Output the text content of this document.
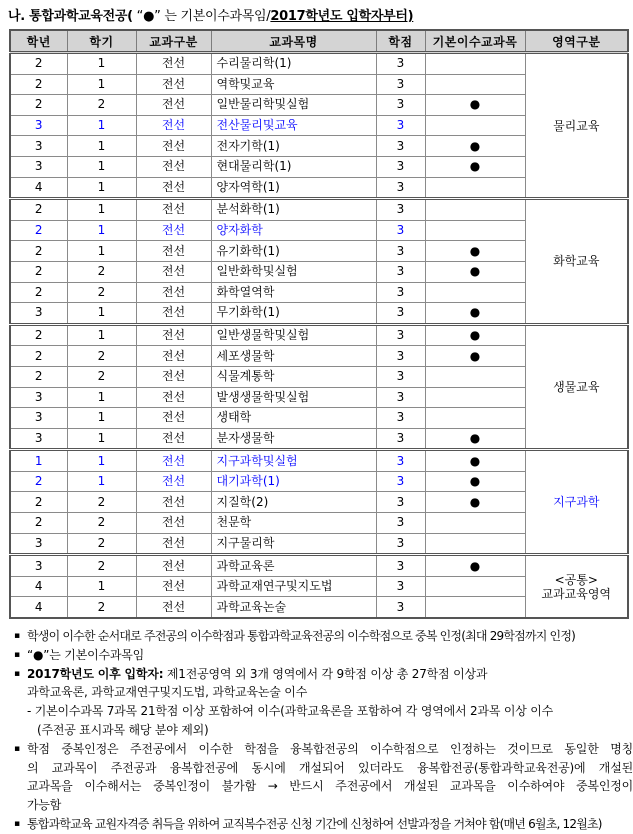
나. 통합과학교육전공( “●” 는 기본이수과목임/2017학년도 입학자부터)
학년	학기	교과구분	교과목명	학점	기본이수교과목	영역구분
2	1	전선	수리물리학(1)	3		물리교육

2	1	전선	역학및교육	3		
2	2	전선	일반물리학및실험	3	●	
3	1	전선	전산물리및교육	3		
3	1	전선	전자기학(1)	3	●	
3	1	전선	현대물리학(1)	3	●	
4	1	전선	양자역학(1)	3		
2	1	전선	분석화학(1)	3		화학교육

2	1	전선	양자화학	3		
2	1	전선	유기화학(1)	3	●	
2	2	전선	일반화학및실험	3	●	
2	2	전선	화학열역학	3		
3	1	전선	무기화학(1)	3	●	
2	1	전선	일반생물학및실험	3	●	생물교육

2	2	전선	세포생물학	3	●	
2	2	전선	식물계통학	3		
3	1	전선	발생생물학및실험	3		
3	1	전선	생태학	3		
3	1	전선	분자생물학	3	●	
1	1	전선	지구과학및실험	3	●	지구과학

2	1	전선	대기과학(1)	3	●	
2	2	전선	지질학(2)	3	●	
2	2	전선	천문학	3		
3	2	전선	지구물리학	3		
3	2	전선	과학교육론	3	●	<공통>
교과교육영역

4	1	전선	과학교재연구및지도법	3		
4	2	전선	과학교육논술	3		
▪ 학생이 이수한 순서대로 주전공의 이수학점과 통합과학교육전공의 이수학점으로 중복 인정(최대 29학점까지 인정)
▪ “●”는 기본이수과목임
▪ 2017학년도 이후 입학자: 제1전공영역 외 3개 영역에서 각 9학점 이상 총 27학점 이상과
과학교육론, 과학교재연구및지도법, 과학교육논술 이수
- 기본이수과목 7과목 21학점 이상 포함하여 이수(과학교육론을 포함하여 각 영역에서 2과목 이상 이수
(주전공 표시과목 해당 분야 제외)
▪ 학점 중복인정은 주전공에서 이수한 학점을 융복합전공의 이수학점으로 인정하는 것이므로 동일한 명칭
의 교과목이 주전공과 융복합전공에 동시에 개설되어 있더라도 융복합전공(통합과학교육전공)에 개설된
교과목을 이수해서는 중복인정이 불가함 → 반드시 주전공에서 개설된 교과목을 이수하여야 중복인정이
가능함
▪ 통합과학교육 교원자격증 취득을 위하여 교직복수전공 신청 기간에 신청하여 선발과정을 거쳐야 함(매년 6월초, 12월초)
